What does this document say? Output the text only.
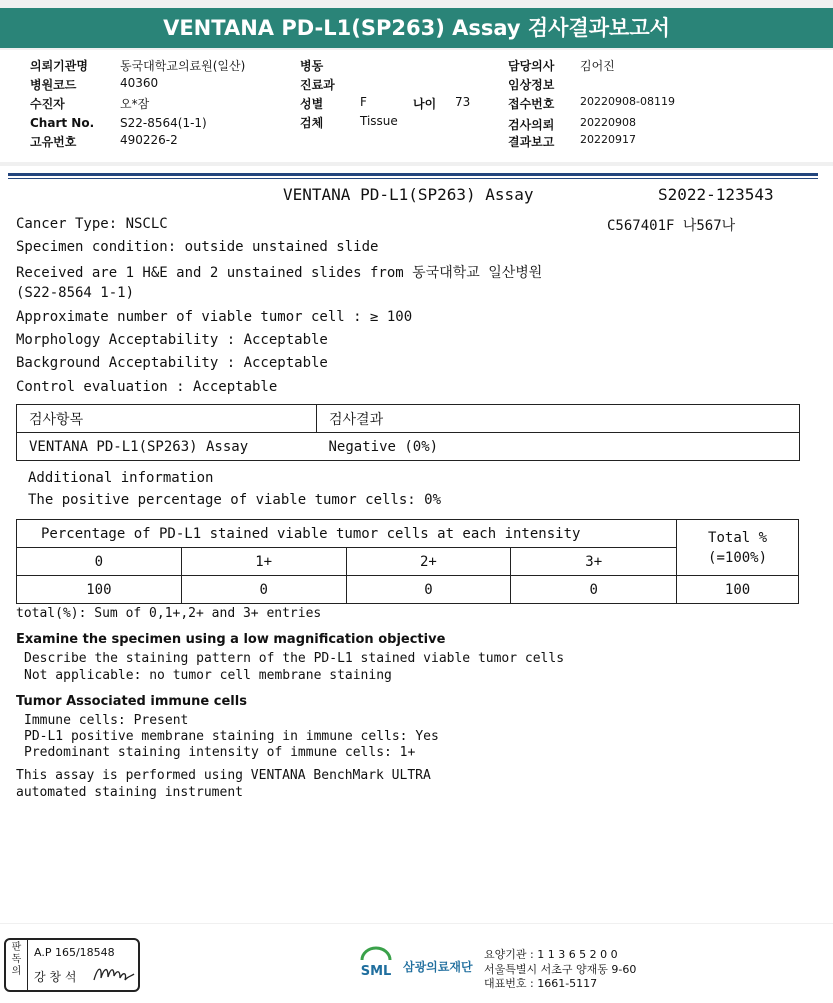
VENTANA PD-L1(SP263) Assay 검사결과보고서
의뢰기관명	동국대학교의료원(일산)
병원코드	40360
수진자	오*잠
Chart No. S22-8564(1-1)
고유번호	490226-2
병동
진료과
성별	F	나이 73
검체	Tissue
담당의사 김어진
임상정보
접수번호 20220908-08119
검사의뢰 20220908
결과보고 20220917
VENTANA PD-L1(SP263) Assay	S2022-123543
Cancer Type: NSCLC	C567401F 나567나
Specimen condition: outside unstained slide
Received are 1 H&E and 2 unstained slides from 동국대학교 일산병원
(S22-8564 1-1)
Approximate number of viable tumor cell : ≥ 100
Morphology Acceptability : Acceptable
Background Acceptability : Acceptable
Control evaluation : Acceptable
검사항목	검사결과
VENTANA PD-L1(SP263) Assay	Negative (0%)
Additional information
The positive percentage of viable tumor cells: 0%
Percentage of PD-L1 stained viable tumor cells at each intensity				Total %
(=100%)
0	1+	2+	3+	
100	0	0	0	100
total(%): Sum of 0,1+,2+ and 3+ entries
Examine the specimen using a low magnification objective
Describe the staining pattern of the PD-L1 stained viable tumor cells
Not applicable: no tumor cell membrane staining
Tumor Associated immune cells
Immune cells: Present
PD-L1 positive membrane staining in immune cells: Yes
Predominant staining intensity of immune cells: 1+
This assay is performed using VENTANA BenchMark ULTRA
automated staining instrument
판독의
A.P 165/18548
강 창 석	SML 삼광의료재단
요양기관 : 1 1 3 6 5 2 0 0
서울특별시 서초구 양재동 9-60
대표번호 : 1661-5117
